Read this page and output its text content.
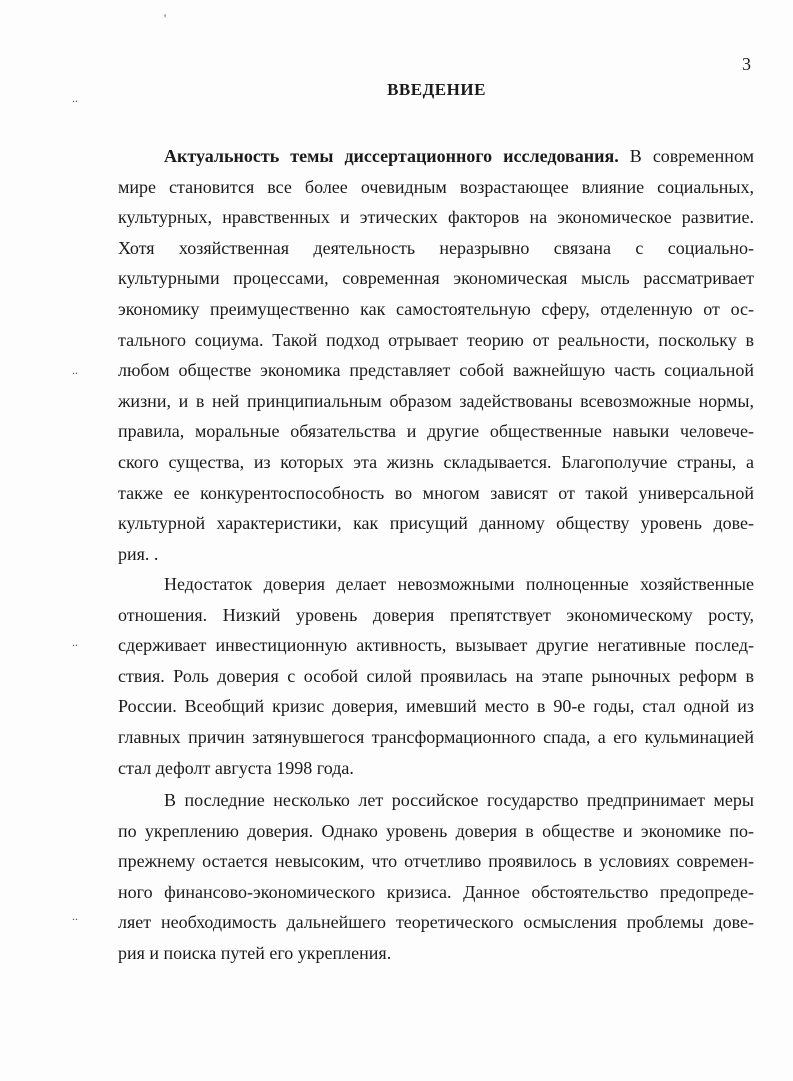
'
..
..
..
..
3
ВВЕДЕНИЕ
Актуальность темы диссертационного исследования. В современном
мире становится все более очевидным возрастающее влияние социальных,
культурных, нравственных и этических факторов на экономическое развитие.
Хотя хозяйственная деятельность неразрывно связана с социально-
культурными процессами, современная экономическая мысль рассматривает
экономику преимущественно как самостоятельную сферу, отделенную от ос-
тального социума. Такой подход отрывает теорию от реальности, поскольку в
любом обществе экономика представляет собой важнейшую часть социальной
жизни, и в ней принципиальным образом задействованы всевозможные нормы,
правила, моральные обязательства и другие общественные навыки человече-
ского существа, из которых эта жизнь складывается. Благополучие страны, а
также ее конкурентоспособность во многом зависят от такой универсальной
культурной характеристики, как присущий данному обществу уровень дове-
рия. .
Недостаток доверия делает невозможными полноценные хозяйственные
отношения. Низкий уровень доверия препятствует экономическому росту,
сдерживает инвестиционную активность, вызывает другие негативные послед-
ствия. Роль доверия с особой силой проявилась на этапе рыночных реформ в
России. Всеобщий кризис доверия, имевший место в 90-е годы, стал одной из
главных причин затянувшегося трансформационного спада, а его кульминацией
стал дефолт августа 1998 года.
В последние несколько лет российское государство предпринимает меры
по укреплению доверия. Однако уровень доверия в обществе и экономике по-
прежнему остается невысоким, что отчетливо проявилось в условиях современ-
ного финансово-экономического кризиса. Данное обстоятельство предопреде-
ляет необходимость дальнейшего теоретического осмысления проблемы дове-
рия и поиска путей его укрепления.
